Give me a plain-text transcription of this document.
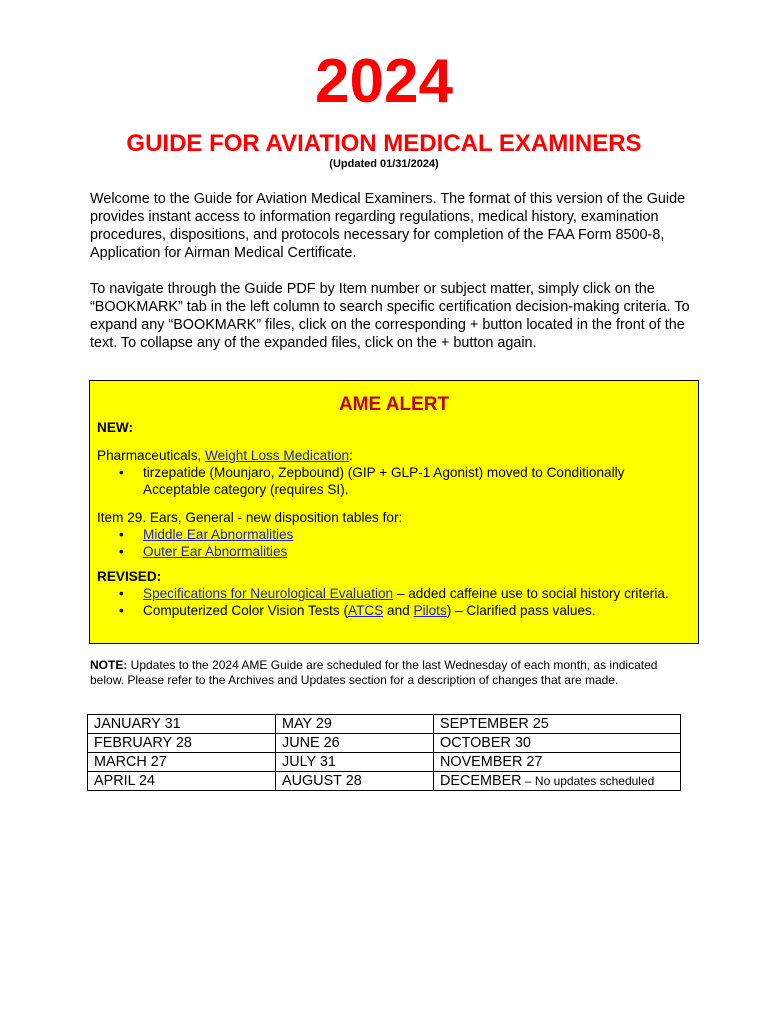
2024
GUIDE FOR AVIATION MEDICAL EXAMINERS
(Updated 01/31/2024)

Welcome to the Guide for Aviation Medical Examiners. The format of this version of the Guide provides instant access to information regarding regulations, medical history, examination procedures, dispositions, and protocols necessary for completion of the FAA Form 8500-8, Application for Airman Medical Certificate.

To navigate through the Guide PDF by Item number or subject matter, simply click on the “BOOKMARK” tab in the left column to search specific certification decision-making criteria. To expand any “BOOKMARK” files, click on the corresponding + button located in the front of the text. To collapse any of the expanded files, click on the + button again.

AME ALERT

NEW:

Pharmaceuticals, Weight Loss Medication:

• tirzepatide (Mounjaro, Zepbound) (GIP + GLP-1 Agonist) moved to Conditionally Acceptable category (requires SI).

Item 29. Ears, General - new disposition tables for:

• Middle Ear Abnormalities
• Outer Ear Abnormalities

REVISED:

• Specifications for Neurological Evaluation – added caffeine use to social history criteria.
• Computerized Color Vision Tests (ATCS and Pilots) – Clarified pass values.

NOTE: Updates to the 2024 AME Guide are scheduled for the last Wednesday of each month, as indicated below. Please refer to the Archives and Updates section for a description of changes that are made.

JANUARY 31	MAY 29	SEPTEMBER 25
FEBRUARY 28	JUNE 26	OCTOBER 30
MARCH 27	JULY 31	NOVEMBER 27
APRIL 24	AUGUST 28	DECEMBER – No updates scheduled
